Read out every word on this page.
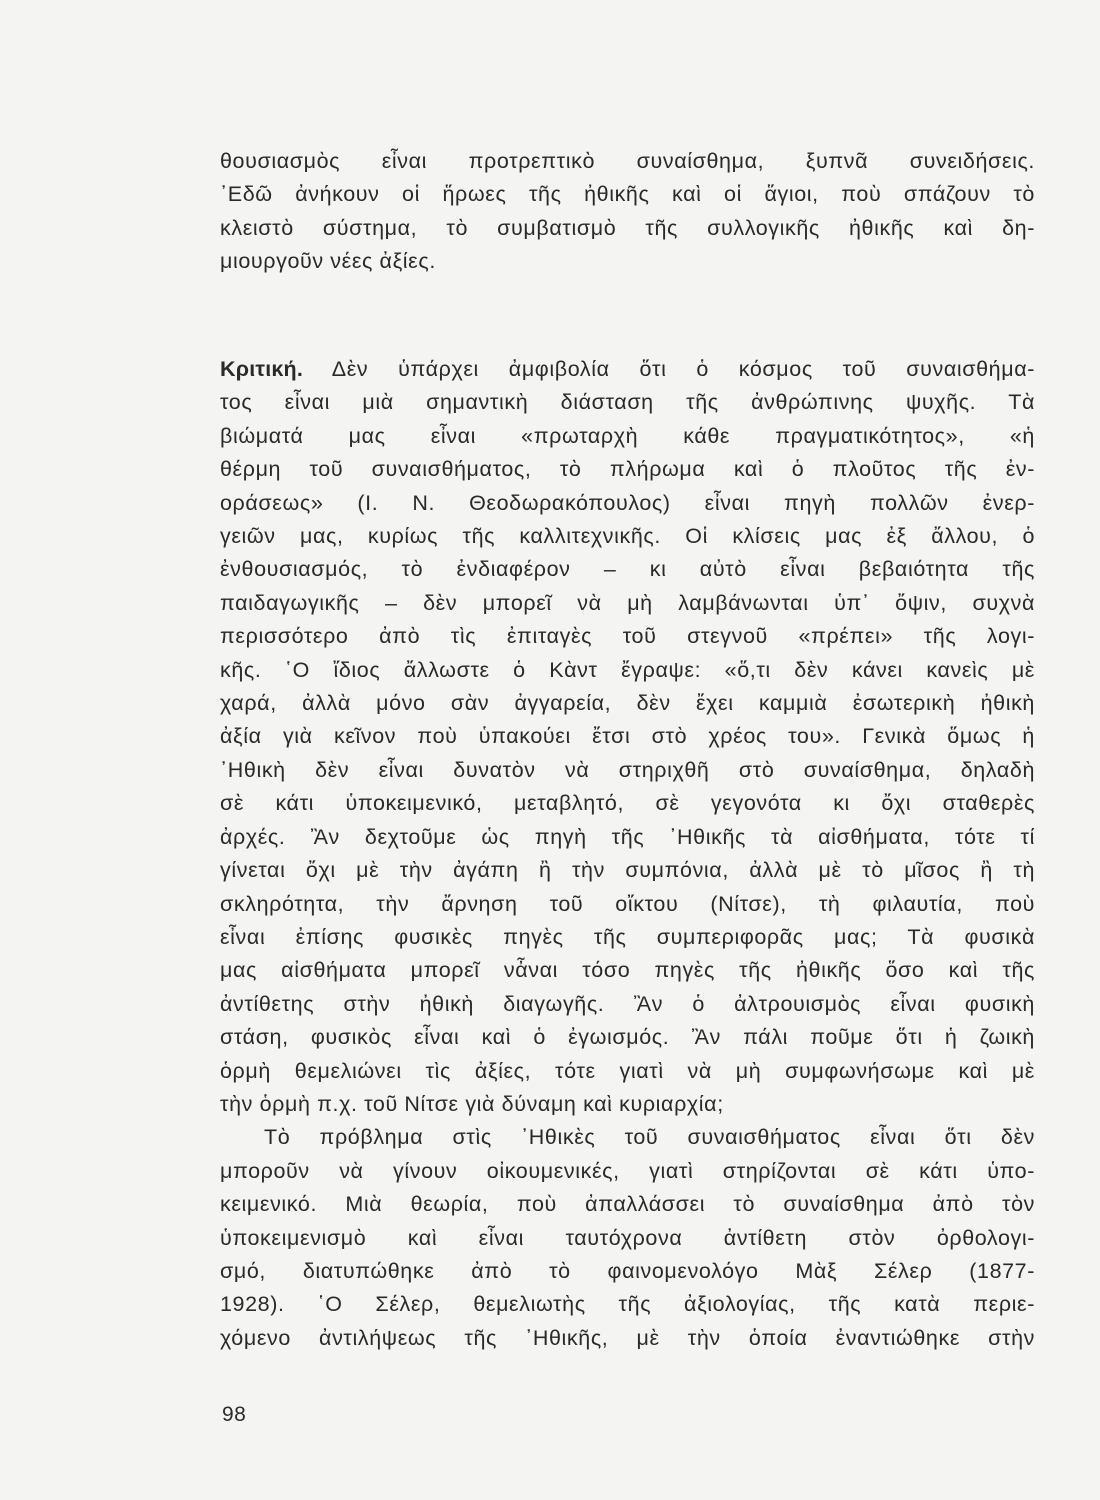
θουσιασμὸς εἶναι προτρεπτικὸ συναίσθημα, ξυπνᾶ συνειδήσεις.
᾿Εδῶ ἀνήκουν οἱ ἥρωες τῆς ἠθικῆς καὶ οἱ ἅγιοι, ποὺ σπάζουν τὸ
κλειστὸ σύστημα, τὸ συμβατισμὸ τῆς συλλογικῆς ἠθικῆς καὶ δη-
μιουργοῦν νέες ἀξίες.
Κριτική. Δὲν ὑπάρχει ἀμφιβολία ὅτι ὁ κόσμος τοῦ συναισθήμα-
τος εἶναι μιὰ σημαντικὴ διάσταση τῆς ἀνθρώπινης ψυχῆς. Τὰ
βιώματά μας εἶναι «πρωταρχὴ κάθε πραγματικότητος», «ἡ
θέρμη τοῦ συναισθήματος, τὸ πλήρωμα καὶ ὁ πλοῦτος τῆς ἐν-
οράσεως» (Ι. Ν. Θεοδωρακόπουλος) εἶναι πηγὴ πολλῶν ἐνερ-
γειῶν μας, κυρίως τῆς καλλιτεχνικῆς. Οἱ κλίσεις μας ἐξ ἄλλου, ὁ
ἐνθουσιασμός, τὸ ἐνδιαφέρον – κι αὐτὸ εἶναι βεβαιότητα τῆς
παιδαγωγικῆς – δὲν μπορεῖ νὰ μὴ λαμβάνωνται ὑπ᾿ ὄψιν, συχνὰ
περισσότερο ἀπὸ τὶς ἐπιταγὲς τοῦ στεγνοῦ «πρέπει» τῆς λογι-
κῆς. ῾Ο ἴδιος ἄλλωστε ὁ Κὰντ ἔγραψε: «ὅ,τι δὲν κάνει κανεὶς μὲ
χαρά, ἀλλὰ μόνο σὰν ἀγγαρεία, δὲν ἔχει καμμιὰ ἐσωτερικὴ ἠθικὴ
ἀξία γιὰ κεῖνον ποὺ ὑπακούει ἔτσι στὸ χρέος του». Γενικὰ ὅμως ἡ
᾿Ηθικὴ δὲν εἶναι δυνατὸν νὰ στηριχθῆ στὸ συναίσθημα, δηλαδὴ
σὲ κάτι ὑποκειμενικό, μεταβλητό, σὲ γεγονότα κι ὄχι σταθερὲς
ἀρχές. Ἂν δεχτοῦμε ὡς πηγὴ τῆς ᾿Ηθικῆς τὰ αἰσθήματα, τότε τί
γίνεται ὄχι μὲ τὴν ἀγάπη ἢ τὴν συμπόνια, ἀλλὰ μὲ τὸ μῖσος ἢ τὴ
σκληρότητα, τὴν ἄρνηση τοῦ οἴκτου (Νίτσε), τὴ φιλαυτία, ποὺ
εἶναι ἐπίσης φυσικὲς πηγὲς τῆς συμπεριφορᾶς μας; Τὰ φυσικὰ
μας αἰσθήματα μπορεῖ νἆναι τόσο πηγὲς τῆς ἠθικῆς ὅσο καὶ τῆς
ἀντίθετης στὴν ἠθικὴ διαγωγῆς. Ἂν ὁ ἀλτρουισμὸς εἶναι φυσικὴ
στάση, φυσικὸς εἶναι καὶ ὁ ἐγωισμός. Ἂν πάλι ποῦμε ὅτι ἡ ζωικὴ
ὁρμὴ θεμελιώνει τὶς ἀξίες, τότε γιατὶ νὰ μὴ συμφωνήσωμε καὶ μὲ
τὴν ὁρμὴ π.χ. τοῦ Νίτσε γιὰ δύναμη καὶ κυριαρχία;
Τὸ πρόβλημα στὶς ᾿Ηθικὲς τοῦ συναισθήματος εἶναι ὅτι δὲν
μποροῦν νὰ γίνουν οἰκουμενικές, γιατὶ στηρίζονται σὲ κάτι ὑπο-
κειμενικό. Μιὰ θεωρία, ποὺ ἀπαλλάσσει τὸ συναίσθημα ἀπὸ τὸν
ὑποκειμενισμὸ καὶ εἶναι ταυτόχρονα ἀντίθετη στὸν ὀρθολογι-
σμό, διατυπώθηκε ἀπὸ τὸ φαινομενολόγο Μὰξ Σέλερ (1877-
1928). ῾Ο Σέλερ, θεμελιωτὴς τῆς ἀξιολογίας, τῆς κατὰ περιε-
χόμενο ἀντιλήψεως τῆς ᾿Ηθικῆς, μὲ τὴν ὁποία ἐναντιώθηκε στὴν
98
